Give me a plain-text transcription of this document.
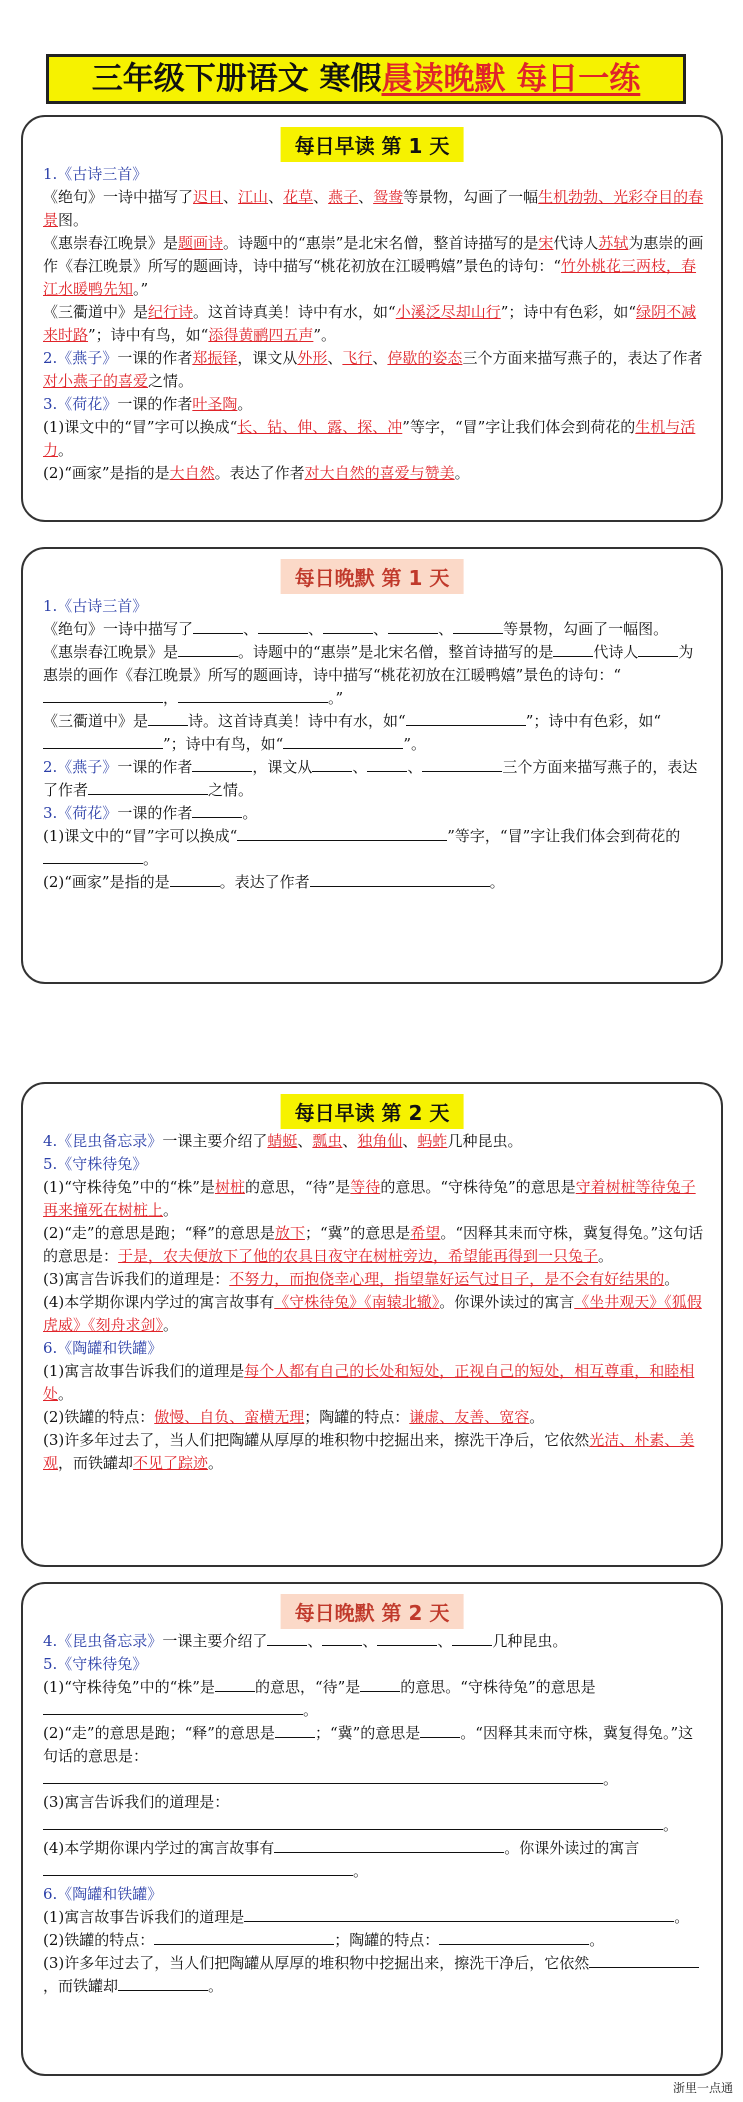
三年级下册语文 寒假晨读晚默 每日一练
每日早读 第 1 天

1.《古诗三首》

《绝句》一诗中描写了迟日、江山、花草、燕子、鸳鸯等景物，勾画了一幅生机勃勃、光彩夺目的春景图。

《惠崇春江晚景》是题画诗。诗题中的“惠崇”是北宋名僧，整首诗描写的是宋代诗人苏轼为惠崇的画作《春江晚景》所写的题画诗，诗中描写“桃花初放在江暖鸭嬉”景色的诗句：“竹外桃花三两枝，春江水暖鸭先知。”

《三衢道中》是纪行诗。这首诗真美！诗中有水，如“小溪泛尽却山行”；诗中有色彩，如“绿阴不减来时路”；诗中有鸟，如“添得黄鹂四五声”。

2.《燕子》一课的作者郑振铎，课文从外形、飞行、停歇的姿态三个方面来描写燕子的，表达了作者对小燕子的喜爱之情。

3.《荷花》一课的作者叶圣陶。

(1)课文中的“冒”字可以换成“长、钻、伸、露、探、冲”等字，“冒”字让我们体会到荷花的生机与活力。

(2)“画家”是指的是大自然。表达了作者对大自然的喜爱与赞美。

每日晚默 第 1 天

1.《古诗三首》

《绝句》一诗中描写了	、	、	、	、	等景物，勾画了一幅图。

《惠崇春江晚景》是	。诗题中的“惠崇”是北宋名僧，整首诗描写的是	代诗人	为惠崇的画作《春江晚景》所写的题画诗，诗中描写“桃花初放在江暖鸭嬉”景色的诗句：“，	。”

《三衢道中》是	诗。这首诗真美！诗中有水，如“	”；诗中有色彩，如“”；诗中有鸟，如“	”。

2.《燕子》一课的作者	，课文从	、	、	三个方面来描写燕子的，表达了作者	之情。

3.《荷花》一课的作者	。

(1)课文中的“冒”字可以换成“	”等字，“冒”字让我们体会到荷花的。

(2)“画家”是指的是	。表达了作者	。

每日早读 第 2 天

4.《昆虫备忘录》一课主要介绍了蜻蜓、瓢虫、独角仙、蚂蚱几种昆虫。

5.《守株待兔》

(1)“守株待兔”中的“株”是树桩的意思，“待”是等待的意思。“守株待兔”的意思是守着树桩等待兔子再来撞死在树桩上。

(2)“走”的意思是跑；“释”的意思是放下；“冀”的意思是希望。“因释其耒而守株，冀复得兔。”这句话的意思是：于是，农夫便放下了他的农具日夜守在树桩旁边，希望能再得到一只兔子。

(3)寓言告诉我们的道理是：不努力，而抱侥幸心理，指望靠好运气过日子，是不会有好结果的。

(4)本学期你课内学过的寓言故事有《守株待兔》《南辕北辙》。你课外读过的寓言《坐井观天》《狐假虎威》《刻舟求剑》。

6.《陶罐和铁罐》

(1)寓言故事告诉我们的道理是每个人都有自己的长处和短处，正视自己的短处，相互尊重，和睦相处。

(2)铁罐的特点：傲慢、自负、蛮横无理；陶罐的特点：谦虚、友善、宽容。

(3)许多年过去了，当人们把陶罐从厚厚的堆积物中挖掘出来，擦洗干净后，它依然光洁、朴素、美观，而铁罐却不见了踪迹。

每日晚默 第 2 天

4.《昆虫备忘录》一课主要介绍了	、	、	、	几种昆虫。

5.《守株待兔》

(1)“守株待兔”中的“株”是	的意思，“待”是	的意思。“守株待兔”的意思是。

(2)“走”的意思是跑；“释”的意思是	；“冀”的意思是	。“因释其耒而守株，冀复得兔。”这句话的意思是：。

(3)寓言告诉我们的道理是：。

(4)本学期你课内学过的寓言故事有	。你课外读过的寓言。

6.《陶罐和铁罐》

(1)寓言故事告诉我们的道理是	。

(2)铁罐的特点：	；陶罐的特点：	。

(3)许多年过去了，当人们把陶罐从厚厚的堆积物中挖掘出来，擦洗干净后，它依然，而铁罐却	。

浙里一点通
